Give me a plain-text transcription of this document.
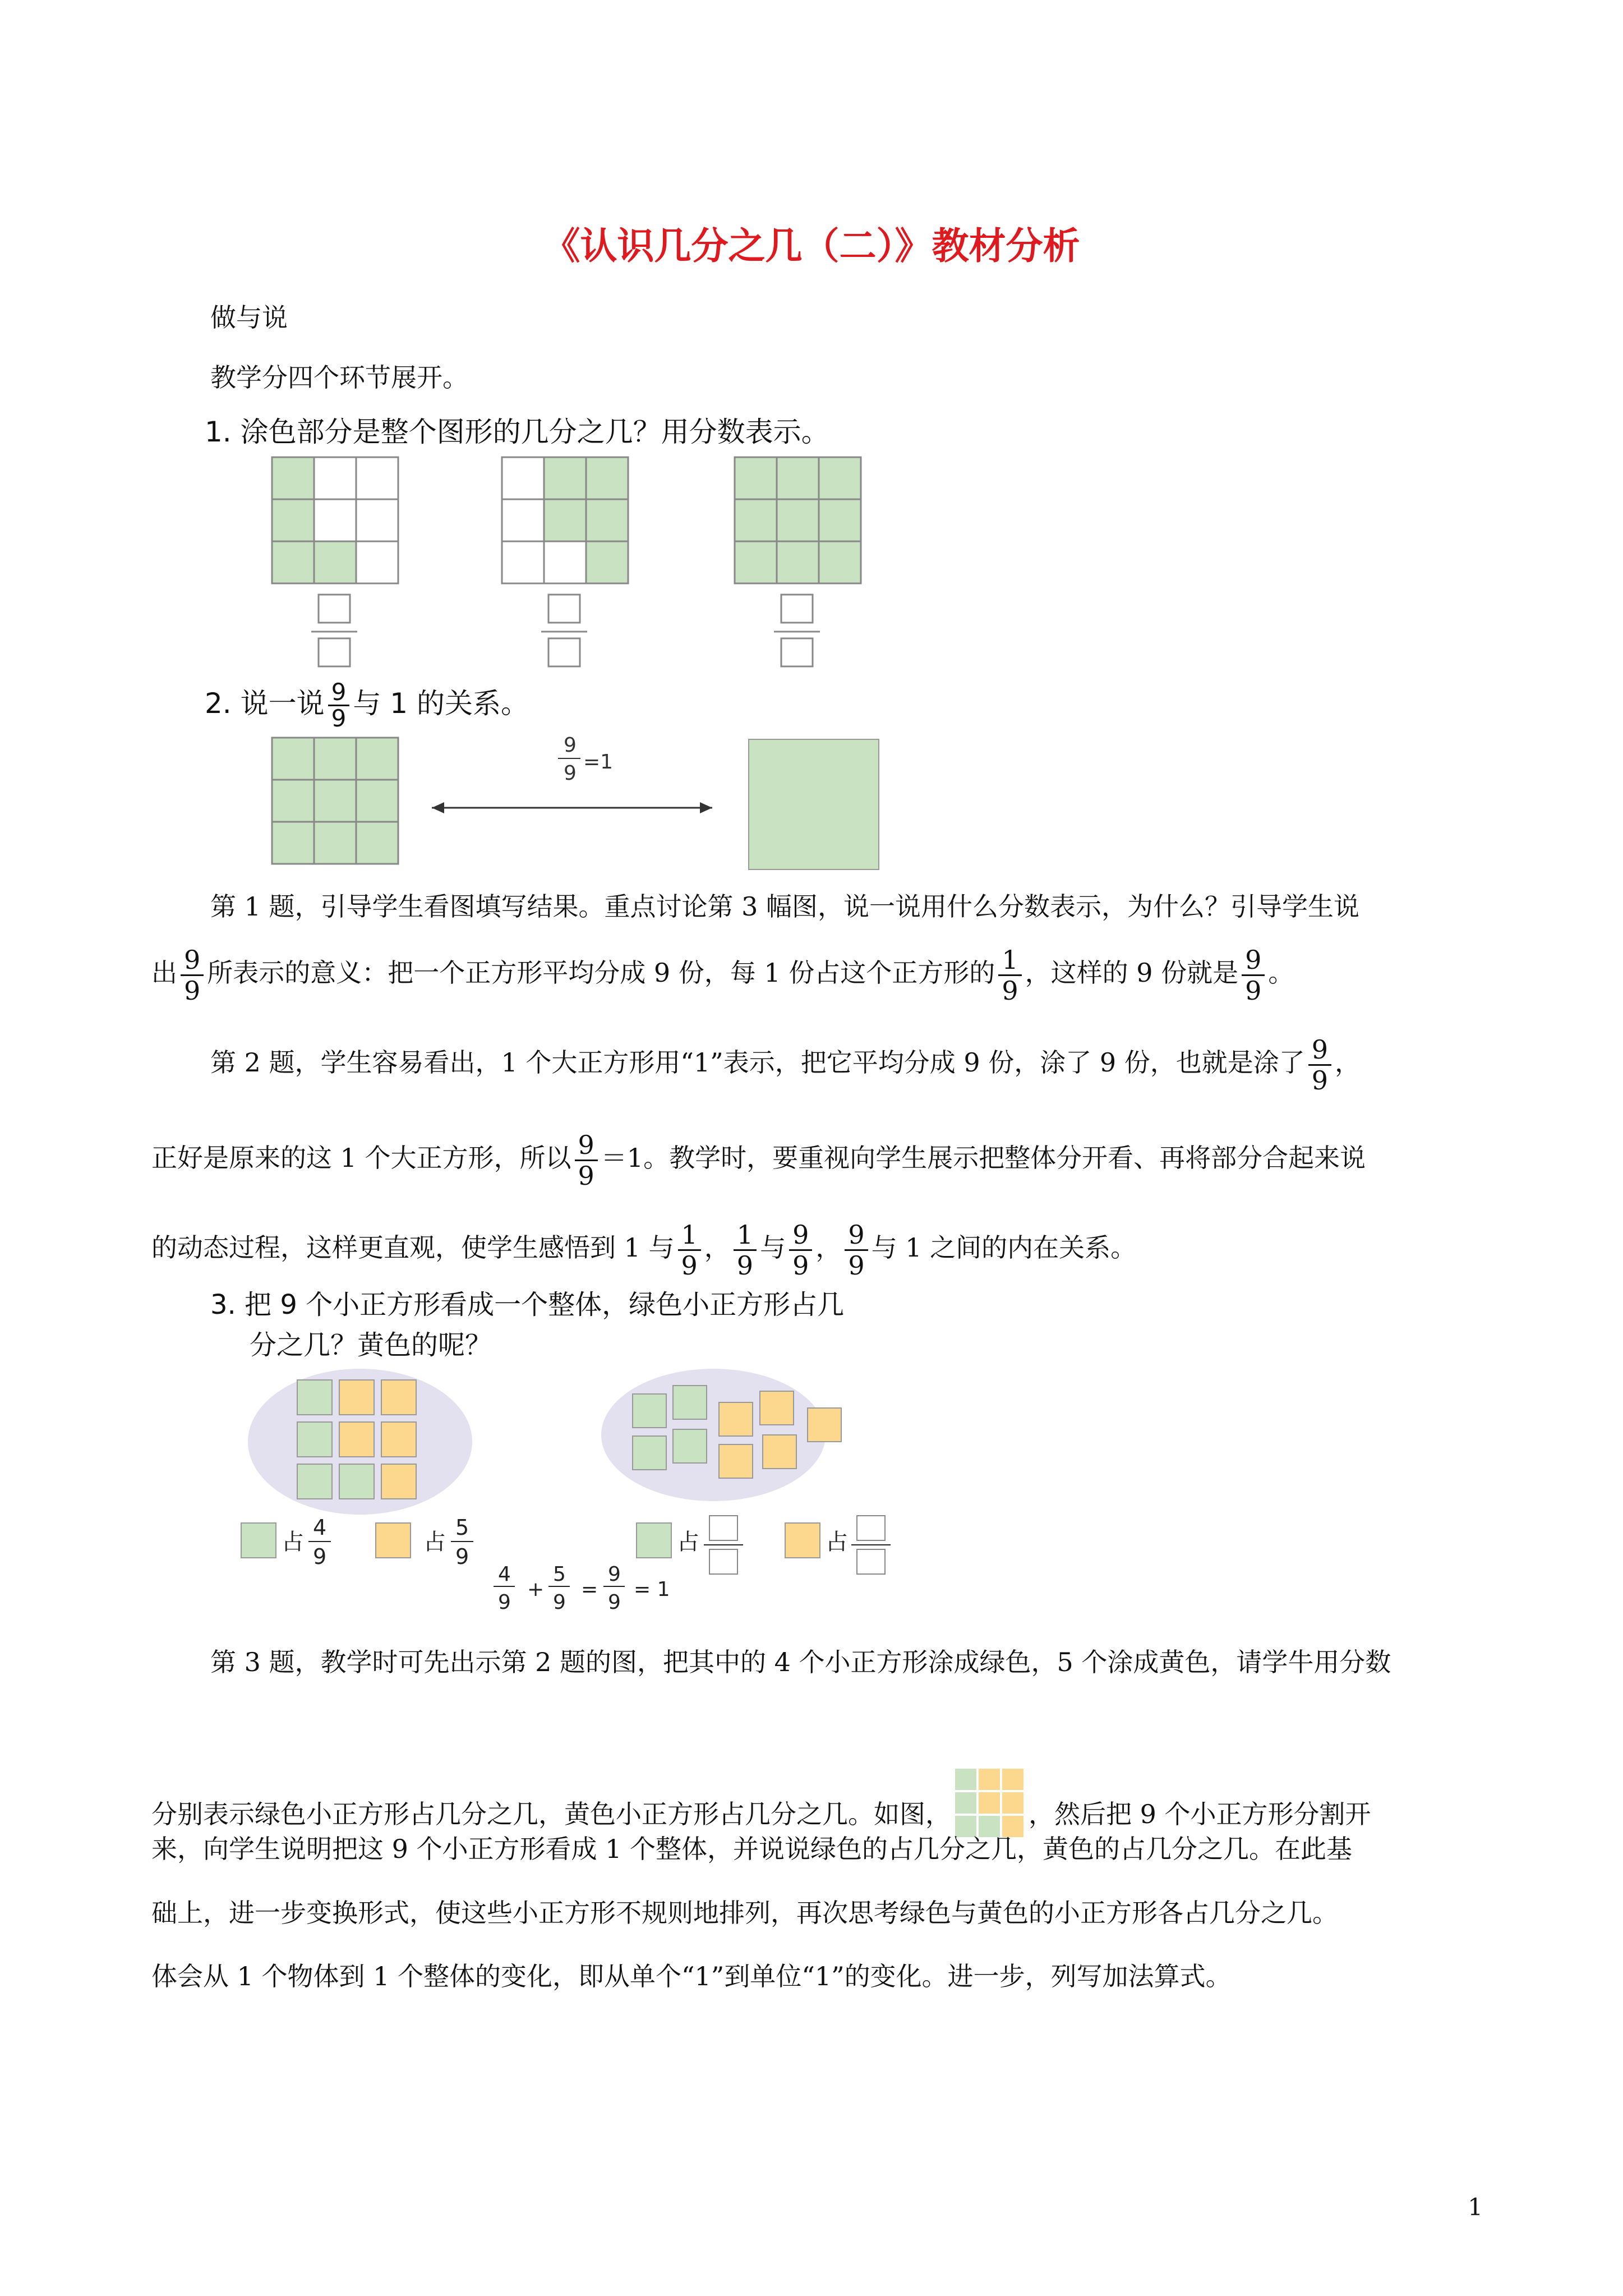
《认识几分之几（二）》教材分析
做与说
教学分四个环节展开。
1. 涂色部分是整个图形的几分之几？用分数表示。
2. 说一说 $\frac{9}{9}$ 与 1 的关系。
9
9 =1
第 1 题，引导学生看图填写结果。重点讨论第 3 幅图，说一说用什么分数表示，为什么？引导学生说
出 $\frac{9}{9}$ 所表示的意义：把一个正方形平均分成 9 份，每 1 份占这个正方形的 $\frac{1}{9}$ ，这样的 9 份就是 $\frac{9}{9}$ 。
第 2 题，学生容易看出，1 个大正方形用“1”表示，把它平均分成 9 份，涂了 9 份，也就是涂了 $\frac{9}{9}$ ，
正好是原来的这 1 个大正方形，所以 $\frac{9}{9} =1$。教学时，要重视向学生展示把整体分开看、再将部分合起来说
的动态过程，这样更直观，使学生感悟到 1 与 $\frac{1}{9}$ ， $\frac{1}{9}$ 与 $\frac{9}{9}$ ， $\frac{9}{9}$ 与 1 之间的内在关系。
3. 把 9 个小正方形看成一个整体，绿色小正方形占几
分之几？黄色的呢？
占
4
9
占
5
9
4
9
+
5
9
=
9
9
= 1
占	占
第 3 题，教学时可先出示第 2 题的图，把其中的 4 个小正方形涂成绿色，5 个涂成黄色，请学牛用分数
分别表示绿色小正方形占几分之几，黄色小正方形占几分之几。如图，	，然后把 9 个小正方形分割开
来，向学生说明把这 9 个小正方形看成 1 个整体，并说说绿色的占几分之几，黄色的占几分之几。在此基
础上，进一步变换形式，使这些小正方形不规则地排列，再次思考绿色与黄色的小正方形各占几分之几。
体会从 1 个物体到 1 个整体的变化，即从单个“1”到单位“1”的变化。进一步，列写加法算式。
1
